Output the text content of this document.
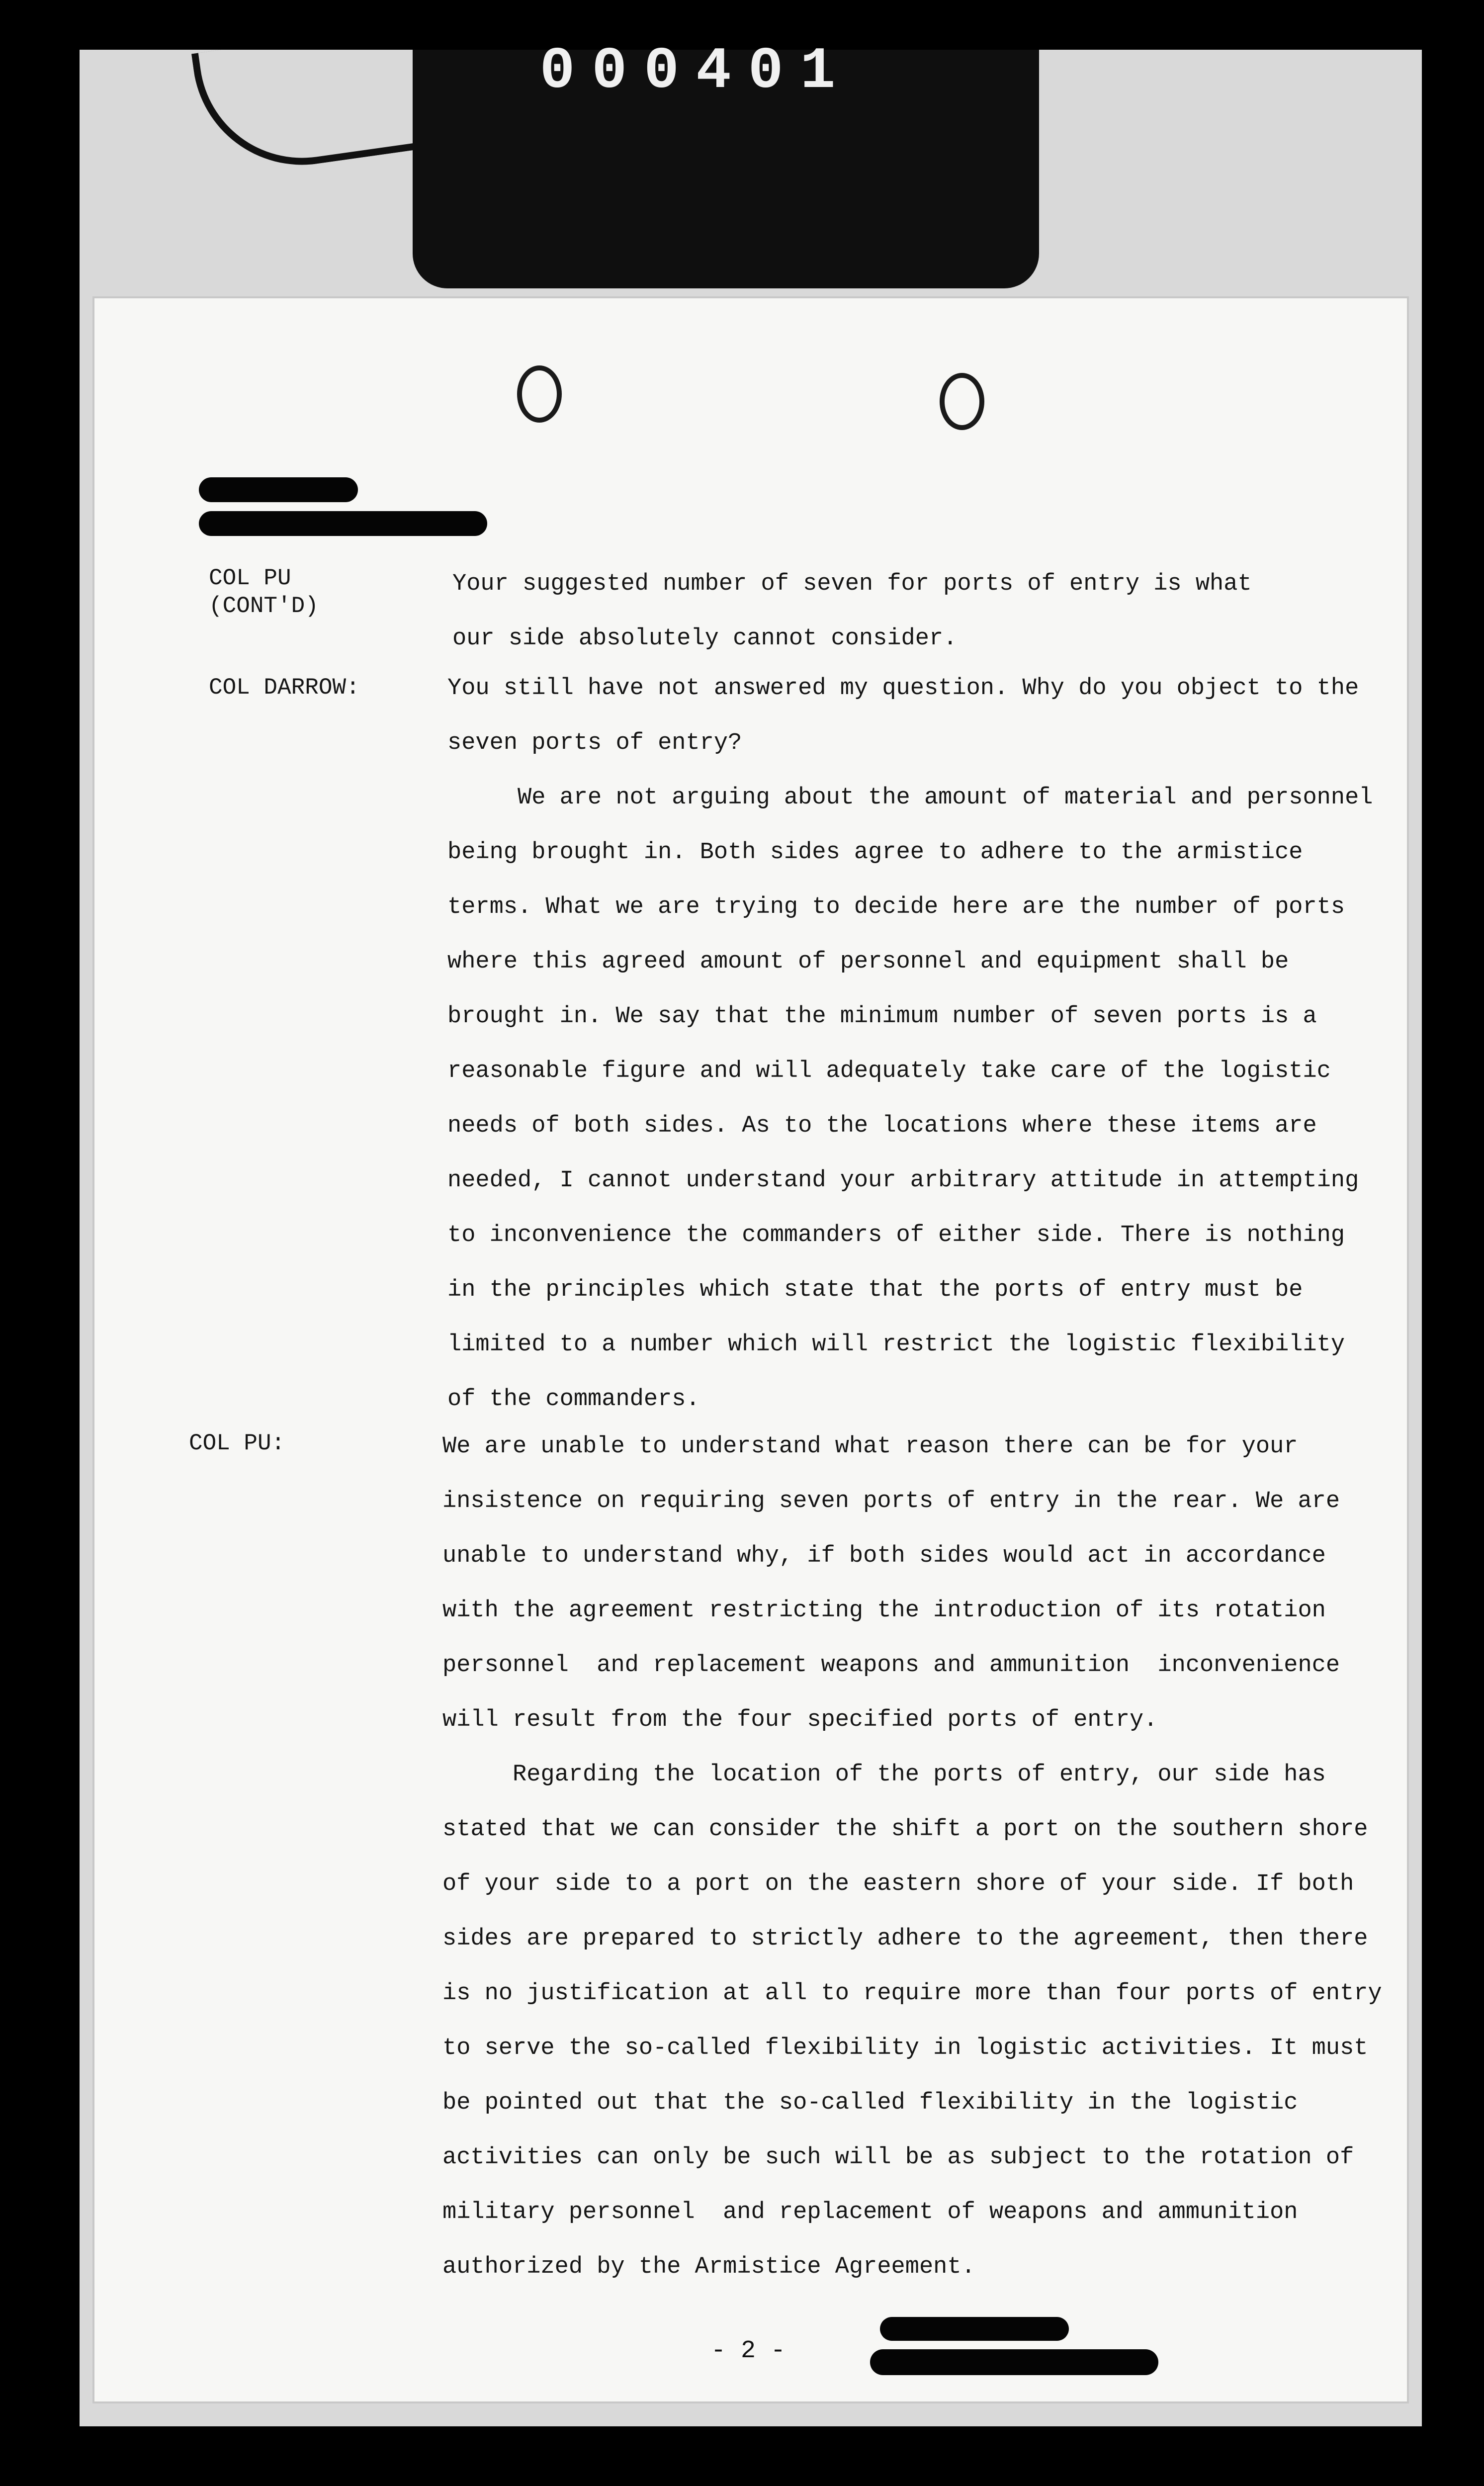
000401
COL PU
(CONT'D)
Your suggested number of seven for ports of entry is what
our side absolutely cannot consider.
COL DARROW:	You still have not answered my question. Why do you object to the
seven ports of entry?
We are not arguing about the amount of material and personnel
being brought in. Both sides agree to adhere to the armistice
terms. What we are trying to decide here are the number of ports
where this agreed amount of personnel and equipment shall be
brought in. We say that the minimum number of seven ports is a
reasonable figure and will adequately take care of the logistic
needs of both sides. As to the locations where these items are
needed, I cannot understand your arbitrary attitude in attempting
to inconvenience the commanders of either side. There is nothing
in the principles which state that the ports of entry must be
limited to a number which will restrict the logistic flexibility
of the commanders.
COL PU:	We are unable to understand what reason there can be for your
insistence on requiring seven ports of entry in the rear. We are
unable to understand why, if both sides would act in accordance
with the agreement restricting the introduction of its rotation
personnel  and replacement weapons and ammunition  inconvenience
will result from the four specified ports of entry.
Regarding the location of the ports of entry, our side has
stated that we can consider the shift a port on the southern shore
of your side to a port on the eastern shore of your side. If both
sides are prepared to strictly adhere to the agreement, then there
is no justification at all to require more than four ports of entry
to serve the so-called flexibility in logistic activities. It must
be pointed out that the so-called flexibility in the logistic
activities can only be such will be as subject to the rotation of
military personnel  and replacement of weapons and ammunition
authorized by the Armistice Agreement.
- 2 -
